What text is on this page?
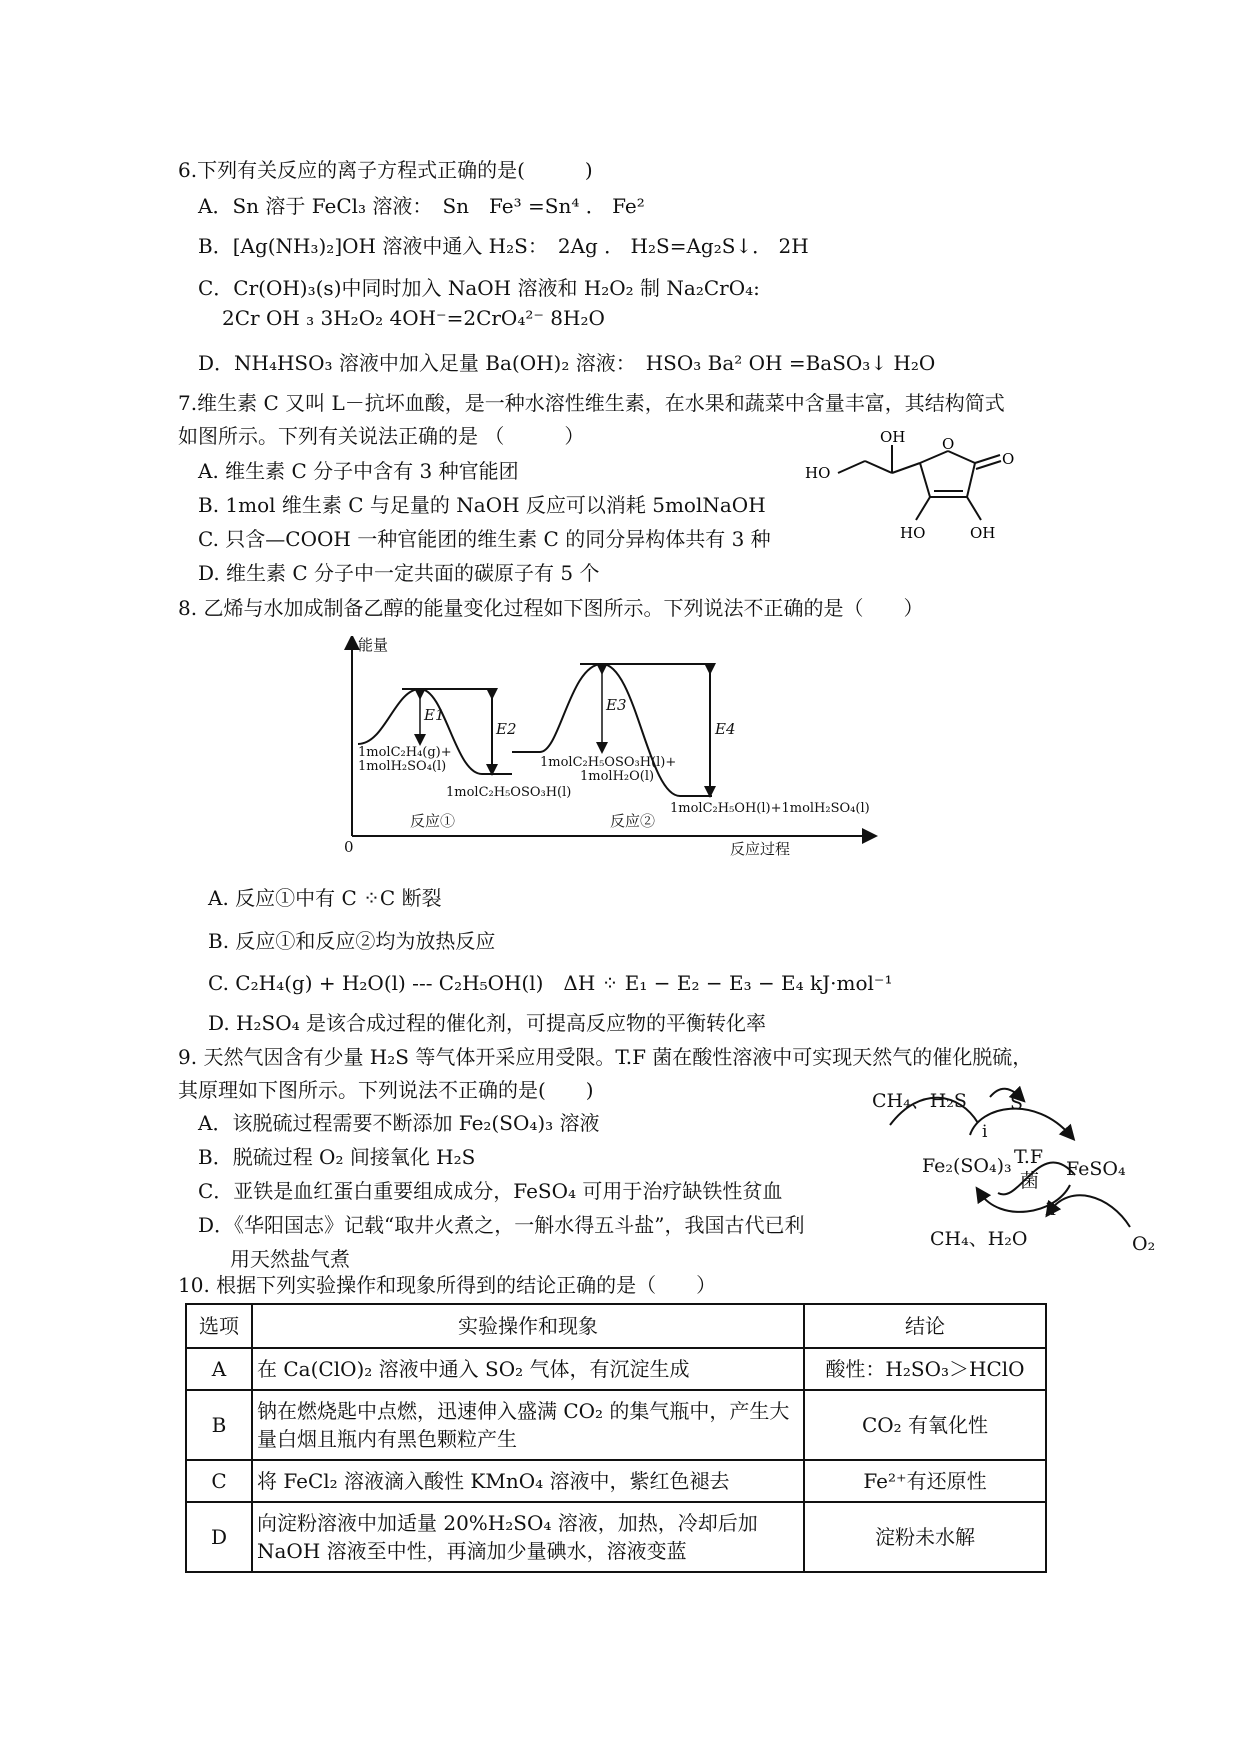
6.下列有关反应的离子方程式正确的是(　　　)
A．Sn 溶于 FeCl₃ 溶液： Sn　Fe³ =Sn⁴ ． Fe²
B．[Ag(NH₃)₂]OH 溶液中通入 H₂S： 2Ag ． H₂S=Ag₂S↓． 2H
C．Cr(OH)₃(s)中同时加入 NaOH 溶液和 H₂O₂ 制 Na₂CrO₄:
2Cr OH ₃ 3H₂O₂ 4OH⁻=2CrO₄²⁻ 8H₂O
D．NH₄HSO₃ 溶液中加入足量 Ba(OH)₂ 溶液： HSO₃ Ba² OH =BaSO₃↓ H₂O
7.维生素 C 又叫 L－抗坏血酸，是一种水溶性维生素，在水果和蔬菜中含量丰富，其结构简式
如图所示。下列有关说法正确的是 （　　　）
A. 维生素 C 分子中含有 3 种官能团
B. 1mol 维生素 C 与足量的 NaOH 反应可以消耗 5molNaOH
C. 只含—COOH 一种官能团的维生素 C 的同分异构体共有 3 种
D. 维生素 C 分子中一定共面的碳原子有 5 个
OH
HO
O
O
HO	OH
8. 乙烯与水加成制备乙醇的能量变化过程如下图所示。下列说法不正确的是（　　）
能量
0	反应过程
E1
E2
E3
E4
1molC₂H₄(g)+
1molH₂SO₄(l)
1molC₂H₅OSO₃H(l)
1molC₂H₅OSO₃H(l)+
1molH₂O(l)
1molC₂H₅OH(l)+1molH₂SO₄(l)
反应①	反应②
A. 反应①中有 C ⁘C 断裂
B. 反应①和反应②均为放热反应
C. C₂H₄(g) + H₂O(l) --- C₂H₅OH(l)　ΔH ⁘ E₁ − E₂ − E₃ − E₄ kJ·mol⁻¹
D. H₂SO₄ 是该合成过程的催化剂，可提高反应物的平衡转化率
9. 天然气因含有少量 H₂S 等气体开采应用受限。T.F 菌在酸性溶液中可实现天然气的催化脱硫，
其原理如下图所示。下列说法不正确的是(　　)
A．该脱硫过程需要不断添加 Fe₂(SO₄)₃ 溶液
B．脱硫过程 O₂ 间接氧化 H₂S
C．亚铁是血红蛋白重要组成成分，FeSO₄ 可用于治疗缺铁性贫血
D．《华阳国志》记载“取井火煮之，一斛水得五斗盐”，我国古代已利
用天然盐气煮
CH₄、H₂S S
i
ii
Fe₂(SO₄)₃	FeSO₄
T.F
菌
CH₄、H₂O	O₂
10. 根据下列实验操作和现象所得到的结论正确的是（　　）
选项	实验操作和现象	结论
A	在 Ca(ClO)₂ 溶液中通入 SO₂ 气体，有沉淀生成	酸性：H₂SO₃＞HClO
B	钠在燃烧匙中点燃，迅速伸入盛满 CO₂ 的集气瓶中，产生大量白烟且瓶内有黑色颗粒产生	CO₂ 有氧化性
C	将 FeCl₂ 溶液滴入酸性 KMnO₄ 溶液中，紫红色褪去	Fe²⁺有还原性
D	向淀粉溶液中加适量 20%H₂SO₄ 溶液，加热，冷却后加NaOH 溶液至中性，再滴加少量碘水，溶液变蓝	淀粉未水解
